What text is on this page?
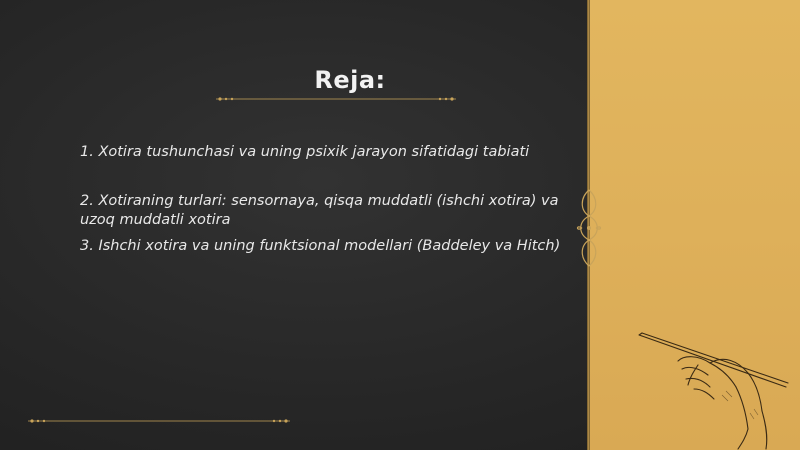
Reja:

1. Xotira tushunchasi va uning psixik jarayon sifatidagi tabiati

2. Xotiraning turlari: sensornaya, qisqa muddatli (ishchi xotira) va
uzoq muddatli xotira

3. Ishchi xotira va uning funktsional modellari (Baddeley va Hitch)
